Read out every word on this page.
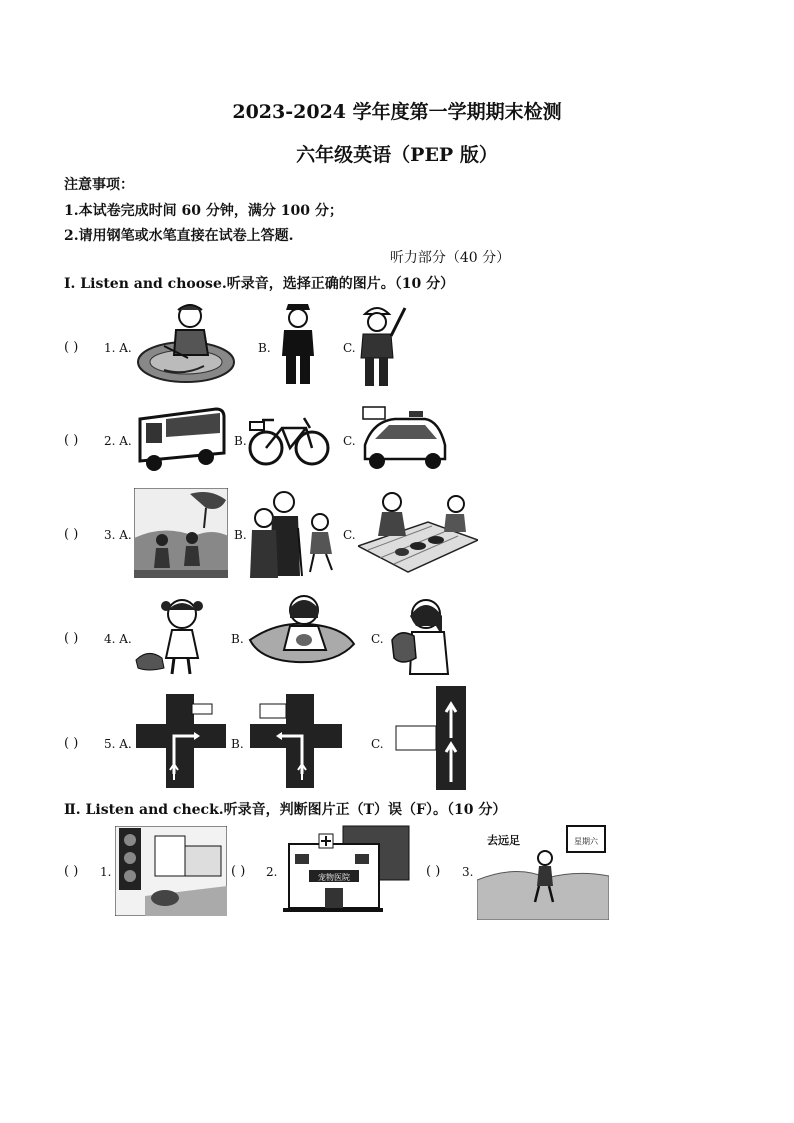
2023-2024 学年度第一学期期末检测
六年级英语（PEP 版）
注意事项：
1.本试卷完成时间 60 分钟，满分 100 分；
2.请用钢笔或水笔直接在试卷上答题.
听力部分（40 分）
Ⅰ. Listen and choose.听录音，选择正确的图片。（10 分）
( ) 1. A.	B.	C.
( ) 2. A.	B.	C.
( ) 3. A.	B.	C.
( ) 4. A.	B.	C.
( ) 5. A.	B.	C.
Ⅱ. Listen and check.听录音，判断图片正（T）误（F）。（10 分）
( ) 1.	( ) 2.	宠物医院	( ) 3.
星期六
去远足
